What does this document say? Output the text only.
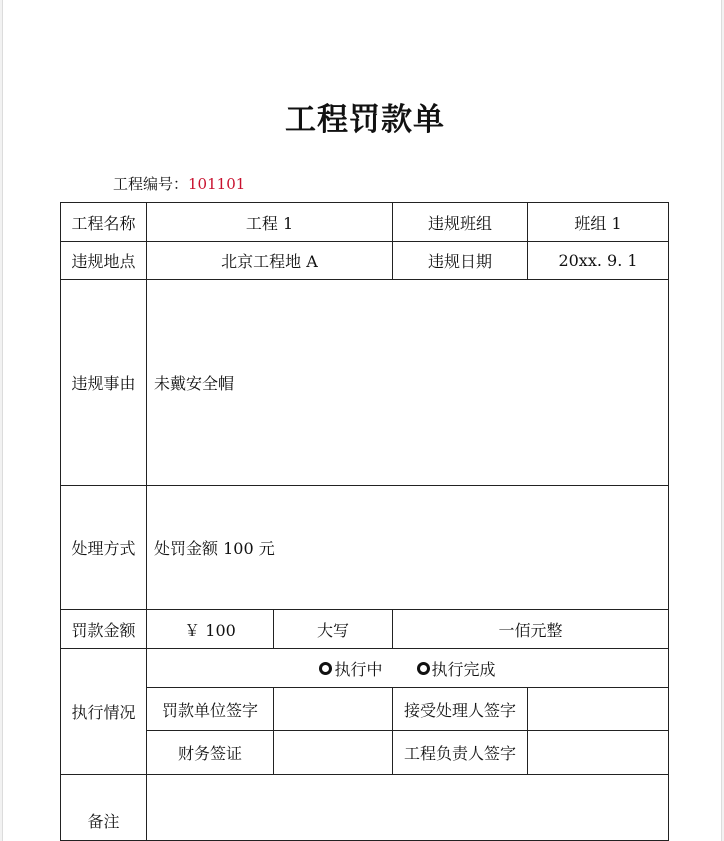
工程罚款单
工程编号：101101
工程名称	工程 1		违规班组	班组 1
违规地点	北京工程地 A		违规日期	20xx. 9. 1
违规事由	未戴安全帽			
处理方式	处罚金额 100 元			
罚款金额	￥ 100	大写	一佰元整	
执行情况	执行中 执行完成			

	罚款单位签字		接受处理人签字	
	财务签证		工程负责人签字	
备注				
